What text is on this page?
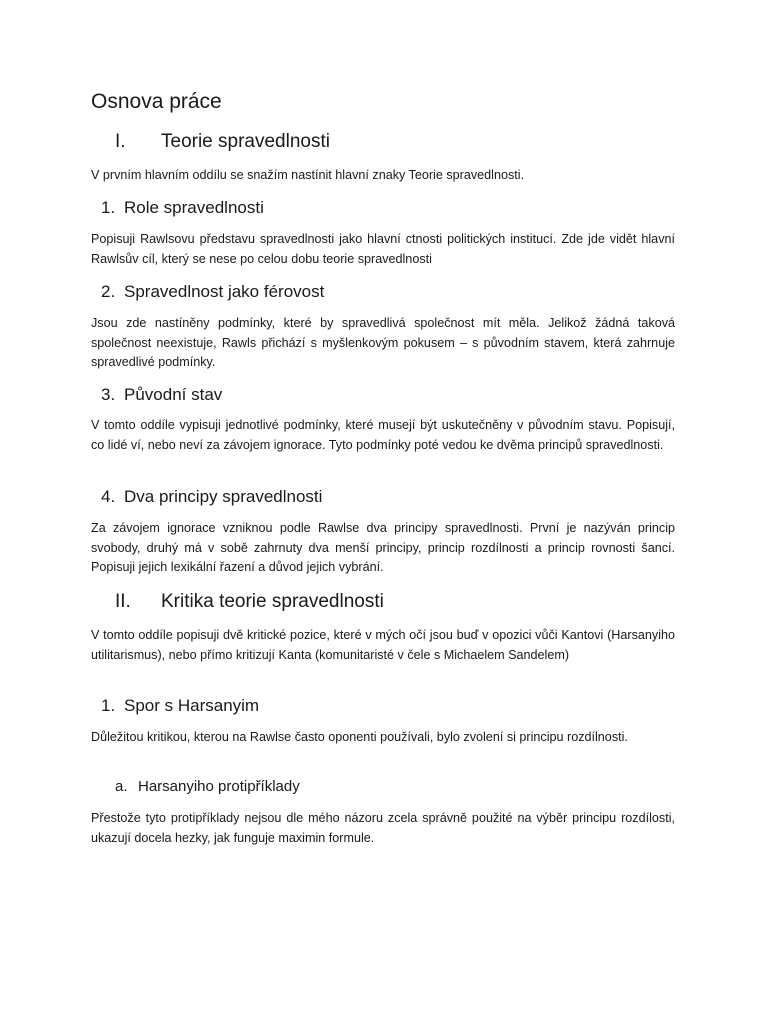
Osnova práce
I. Teorie spravedlnosti

V prvním hlavním oddílu se snažím nastínit hlavní znaky Teorie spravedlnosti.

1. Role spravedlnosti

Popisuji Rawlsovu představu spravedlnosti jako hlavní ctnosti politických institucí. Zde jde vidět hlavní Rawlsův cíl, který se nese po celou dobu teorie spravedlnosti

2. Spravedlnost jako férovost

Jsou zde nastíněny podmínky, které by spravedlivá společnost mít měla. Jelikož žádná taková společnost neexistuje, Rawls přichází s myšlenkovým pokusem – s původním stavem, která zahrnuje spravedlivé podmínky.

3. Původní stav

V tomto oddíle vypisuji jednotlivé podmínky, které musejí být uskutečněny v původním stavu. Popisují, co lidé ví, nebo neví za závojem ignorace. Tyto podmínky poté vedou ke dvěma principů spravedlnosti.

4. Dva principy spravedlnosti

Za závojem ignorace vzniknou podle Rawlse dva principy spravedlnosti. První je nazýván princip svobody, druhý má v sobě zahrnuty dva menší principy, princip rozdílnosti a princip rovnosti šancí. Popisuji jejich lexikální řazení a důvod jejich vybrání.

II. Kritika teorie spravedlnosti

V tomto oddíle popisuji dvě kritické pozice, které v mých očí jsou buď v opozici vůči Kantovi (Harsanyiho utilitarismus), nebo přímo kritizují Kanta (komunitaristé v čele s Michaelem Sandelem)

1. Spor s Harsanyim

Důležitou kritikou, kterou na Rawlse často oponenti používali, bylo zvolení si principu rozdílnosti.

a. Harsanyiho protipříklady

Přestože tyto protipříklady nejsou dle mého názoru zcela správně použité na výběr principu rozdílosti, ukazují docela hezky, jak funguje maximin formule.
